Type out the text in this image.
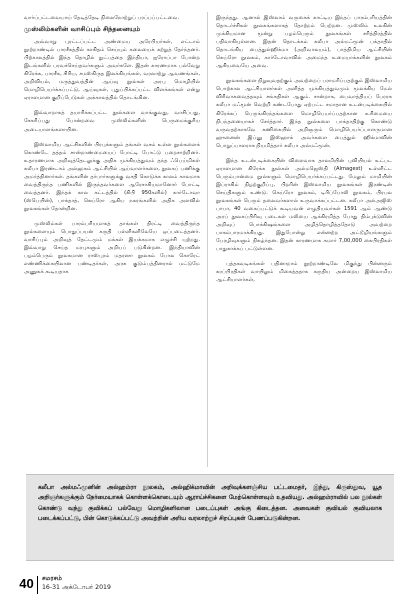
வார்ப்பட்டவையாய் தேடித்தேடி நிலைநோற்றுப் பரப்பப்பட்டவை.

முஸ்லிம்களின் வாசிப்பும் சிந்தனையும்

அவ்வாறு புரட்டப்பட்ட அண்மைய அரேபியர்கள், எட்டாம் நூற்றாண்டில் பாரசீகத்தில் காகிதம் செய்யும் கலையைக் கற்றுத் தேர்ந்தனர். பிற்காலத்தில் இந்த தொழில் நுட்பத்தை இந்தியா, ஐரோப்பா போன்ற இடங்களில் பரவச்செய்தவர்களும் அவர்களே. இதன் காரணமாக பல்வேறு கிரேக்க, பாரசீக, சிரிய, சமஸ்கிருத இலக்கியங்கள், வரலாற்று ஆவணங்கள், அறிவியல், மருத்துவத்தின் ஆய்வு நூல்கள் அரபு மொழியில் மொழிபெயர்க்கப்பட்டு, ஆய்வுகள், புதுப்பிக்கப்பட்ட விளக்கங்கள் என்று ஏராளமான குறிப்பேடுகள் அக்காலத்தில் தொடங்கின.

இவ்வாறாகத் தயாரிக்கப்பட்ட நூல்களை வாங்குவது, வாசிப்பது, சேகரிப்பது போன்றவை முஸ்லிம்களின் பெருமைக்குரிய அடையாளங்களாயின.

இஸ்லாமிய ஆட்சிகளின் பிரபுக்களும் தங்கள் வசம் உள்ள நூல்களைக் கொண்டே தத்தம் சான்றாண்மையைப் போட்டி போட்டு பறைசாற்றினர். உதாரணமாக அறிவுத்தேடலுக்கு அதிக முக்கியத்துவம் தந்த ஃபெய்மிகள் கலீபா இரண்டாம் அல்ஹகம் ஆட்சியில் ஆய்வாளர்களை, நூலகப் பணிக்கு அமர்த்தினார்கள். தங்களின் தர்பார்களுக்கு வசதி கொடுக்க காலம் காலமாக வைத்திருந்த பணிகளில் இருந்தவர்களை ஆரேசாகியமானோர் போட்டி வைத்தனர். இந்தக் கால கட்டத்தில் (கிபி 950களில்) கார்டோவா (ஸ்பெயின்), பாக்தாத், கெய்ரோ ஆகிய நகரங்களில் அதிக அளவில் நூலகங்கள் தோன்றின.

முஸ்லிம்கள் பாரம்பரியமாகத் தாங்கள் திரட்டி வைத்திருந்த நூல்களையும் பொதுப்பயன் கருதி பள்ளிகளிலேயே ஒப்படைத்தனர். வாசிப்பும் அறிவுத் தேட்டமும் மக்கள் இயக்கமாக எழுச்சி யுற்றது. இவ்வாறு செய்த மரபுகளும் அறியப் படுகின்றன. இந்தியாவின் பழம்பெரும் நூலகமான ராஸ்புரம் மதரஸா நூலகம் போல கொரேட் எண்ணிக்கையிலான பண்டிதர்கள், அரசு குடும்பத்தினரால் மட்டுமே அணுகக் கூடியதாக

இருந்தது. ஆனால் இஸ்லாம் வருகைக் காட்டிய இந்தப் பாரம்பரியத்தின் தொடர்ச்சிகள் நூலகங்களாகத் தோற்றம் பெற்றன. முஸ்லிம் உலகின் முக்கியமான மூன்று பழம்பெரும் நூலகங்கள் சரித்திரத்தில் பதிவாகியுள்ளன. இதன் தொடக்கம் கலீபா அல்மஃமூன் பக்தாதில் தொடங்கிய பைத்துல்ஹிக்மா (அறிவாலயம்), பாத்திமிய ஆட்சியின் கெய்ரோ நூலகம், கார்டோவாவில் அமைந்த உமையாக்களின் நூலகம் ஆகியவையே அவை.

நூலகங்களை நிறுவுவதற்கும் அவற்றைப் பராமரிப்பதற்கும் இஸ்லாமிய பொற்கால ஆட்சியாளர்கள் அளித்த முக்கியத்துவமும் மூலக்கிய மேல் விரிவாகவைத்தவும் சங்கதிகள் ஆகும். சான்றாக, பைவாத்தியப் பேரரசு கலீபா மஃமூன் வெற்றி கண்டபோது ஏற்பட்ட சமாதான உடன்படிக்கையில் கிரேக்கப் பெருங்கிரந்தங்களை மொழிபெயர்ப்பதற்கான உரிமையை நிபந்தனையாகச் சேர்த்தார். இந்த நூல்களை பாக்தாதிற்கு கொண்டு வருவதற்காகவே கணிகையில் அறிஞரும் மொழிபெயர்ப்பாளருமான ஹுனைன் இப்னு இஸ்ஹாக் அவர்களை பைத்துல் ஹிக்மாவின் பொறுப்பாளராக நியமித்தார் கலீபா அல்மஃமூன்.

இந்த உடன்படிக்கையின் விளைவாக தாலமியின் புவியியல் உட்பட ஏராளமான கிரேக்க நூல்கள் அல்மஜெஸ்தி (Almagest) உள்ளிட்ட பெரும்பான்மை நூல்களும் மொழிபெயர்க்கப்பட்டது. மேலும் மாமியின் இப்ராகிம் நிழற்குறிப்பு, பிறரின் இஸ்லாமிய நூலகங்கள் இரண்டின் செய்திகளும் உண்டு. கெய்ரோ நூலகம், டிரிப்போலி நூலகம், பிரபல நூலகங்கள் பெரும் தலைவர்களால் உருவாக்கப்பட்டன. கலீபா அல்அஜிஸ் பாபா, 40 வகைப்பட்டுக் கூடியவன் எழுதியவர்கள் 1591 ஆம் ஆண்டு அரப் நூலகப்பிரிவு படைகள் மலியை ஆக்கிரமித்த போது திம்புக்டுவின் அறிவுப் பொக்கிஷங்களை அழித்தொழித்ததோடு அவற்றை பாகம்பாரமாக்கியது. இதுபோன்று என்னற்ற அட்டூழியங்களும் பேரழிவுகளும் நிகழ்ந்தன. இதன் காரணமாக சுமார் 7,00,000 கைபிரதிகள் பாதுகாக்கப் பட்டுள்ளன.

புத்தகவடிகங்கள் பதினாறாம் நூற்றாண்டிலே மிகுந்து பின்னரும் கரப்பிரதிகள் வாயிலும் மிகைத்ததாக கருதிய அன்றைய இஸ்லாமிய ஆட்சியாளர்கள்,

கலீபா அல்மஃமூனின் அல்ஹம்ரா நூலகம், அல்ஹிக்மாவின் அறிவுக்களஞ்சிய பட்டமைதர், இந்து, கிருஸ்துவ, யூத அறிஞர்களுக்கும் நேர்மையாகக் கொள்ளக்கொடையும் ஆராய்ச்சிகளை மேற்கொள்ளவும் உதவியது. அல்ஹம்ராவில் பல நூல்கள் கொண்டு வந்து குவிக்கப் பல்வேறு மொழிகளிலான படைப்புகள் அங்கு கிடைத்தன. அவைகள் குவியல் குவியலாக படைக்கப்பட்டு, பின் கொடுக்கப்பட்டு அவற்றின் அரிய வரலாற்றுச் சிறப்புகள் பேணப்படுகின்றன.
40 சமரசம்
16-31 அக்டோபர் 2019
